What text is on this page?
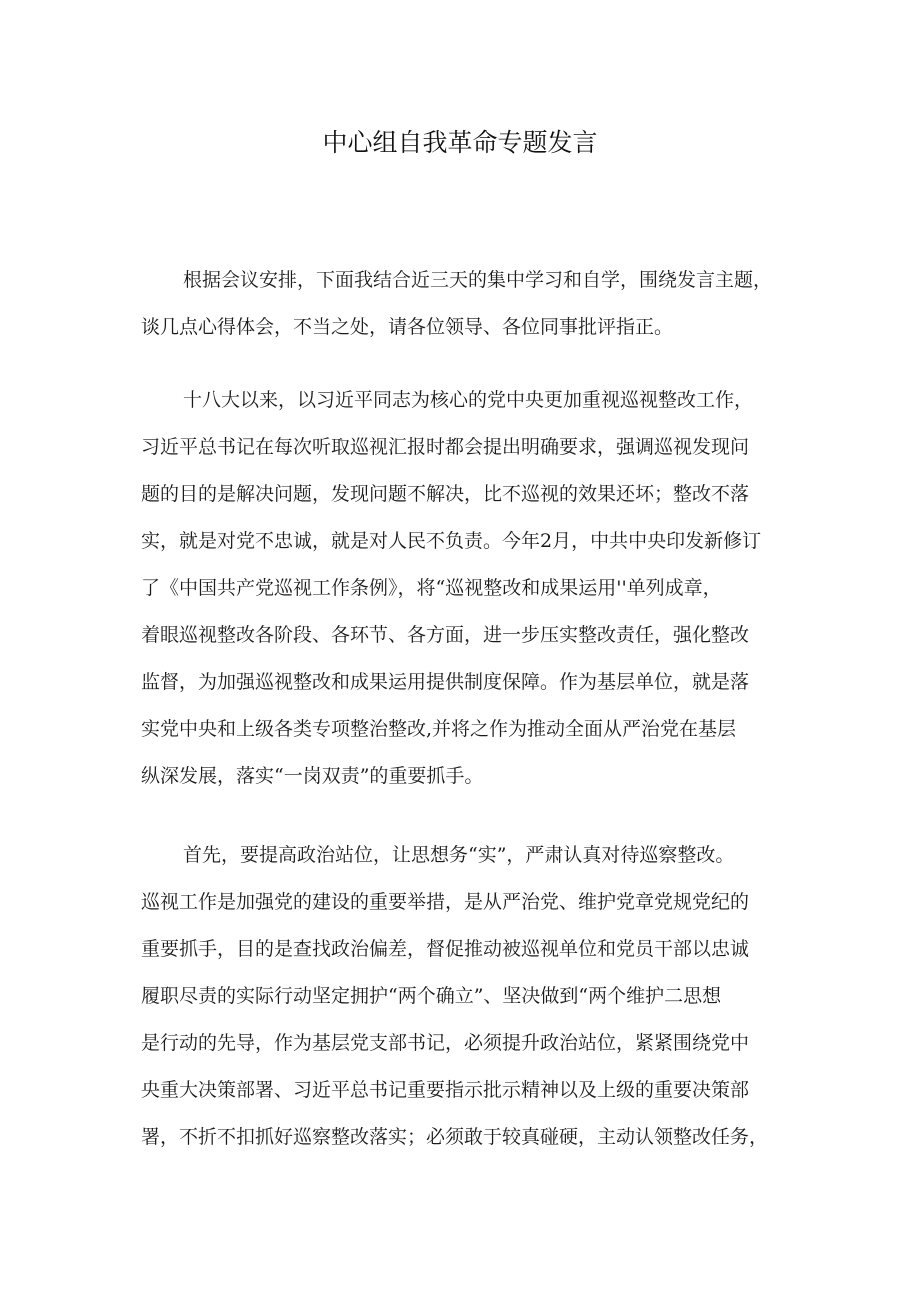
中心组自我革命专题发言
根据会议安排，下面我结合近三天的集中学习和自学，围绕发言主题，
谈几点心得体会，不当之处，请各位领导、各位同事批评指正。
十八大以来，以习近平同志为核心的党中央更加重视巡视整改工作，
习近平总书记在每次听取巡视汇报时都会提出明确要求，强调巡视发现问
题的目的是解决问题，发现问题不解决，比不巡视的效果还坏；整改不落
实，就是对党不忠诚，就是对人民不负责。今年2月，中共中央印发新修订
了《中国共产党巡视工作条例》，将“巡视整改和成果运用''单列成章，
着眼巡视整改各阶段、各环节、各方面，进一步压实整改责任，强化整改
监督，为加强巡视整改和成果运用提供制度保障。作为基层单位，就是落
实党中央和上级各类专项整治整改,并将之作为推动全面从严治党在基层
纵深发展，落实“一岗双责”的重要抓手。
首先，要提高政治站位，让思想务“实”，严肃认真对待巡察整改。
巡视工作是加强党的建设的重要举措，是从严治党、维护党章党规党纪的
重要抓手，目的是查找政治偏差，督促推动被巡视单位和党员干部以忠诚
履职尽责的实际行动坚定拥护“两个确立”、坚决做到“两个维护二思想
是行动的先导，作为基层党支部书记，必须提升政治站位，紧紧围绕党中
央重大决策部署、习近平总书记重要指示批示精神以及上级的重要决策部
署，不折不扣抓好巡察整改落实；必须敢于较真碰硬，主动认领整改任务，
